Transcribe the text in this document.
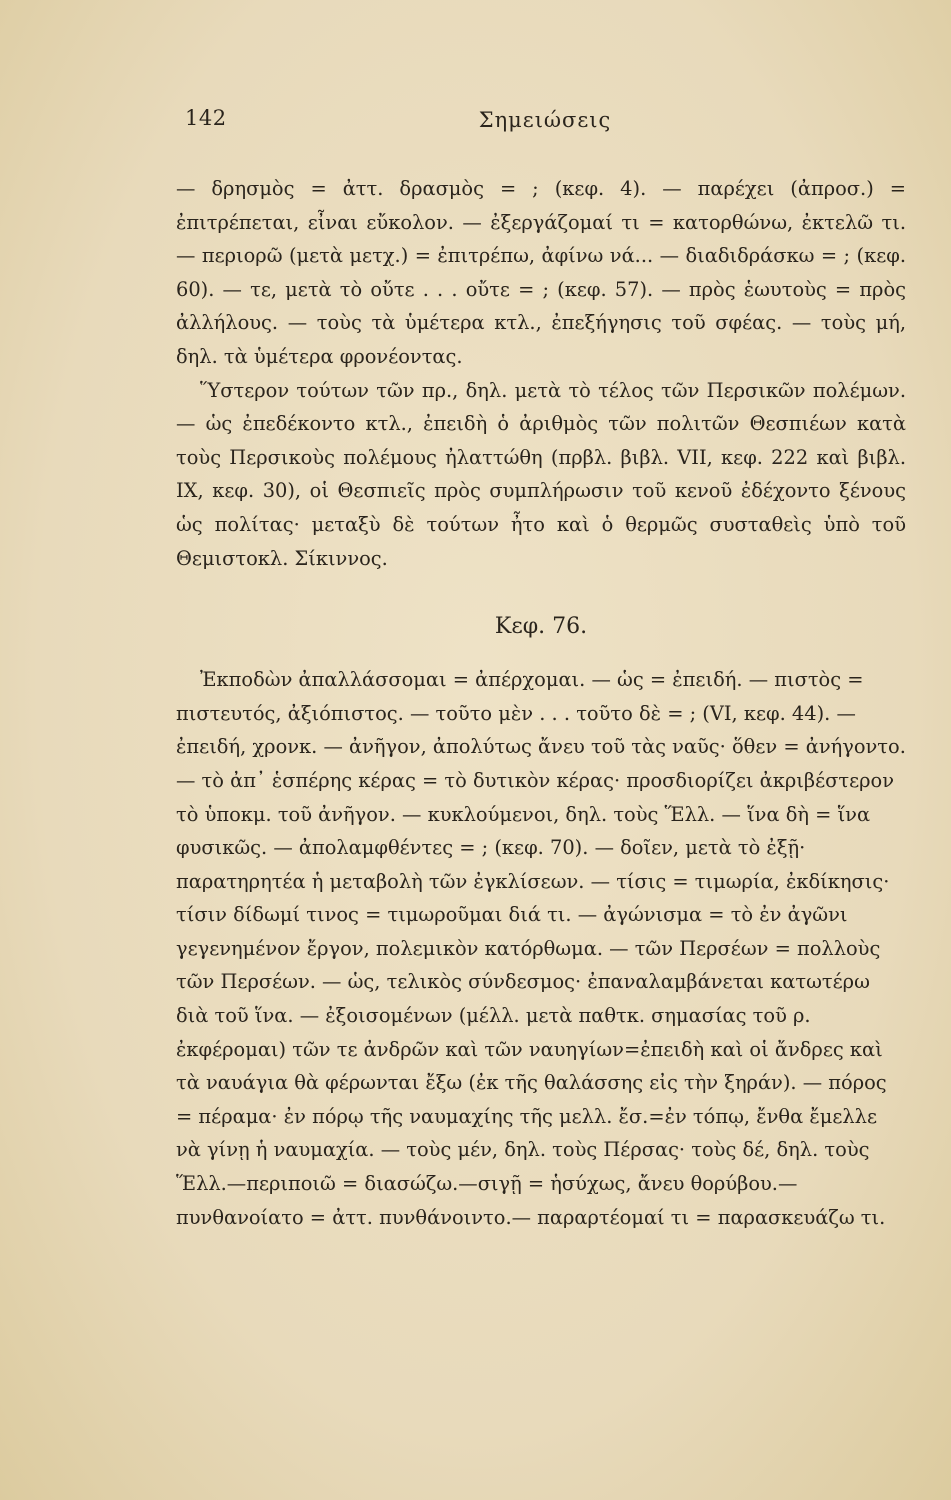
142	Σημειώσεις

— δρησμὸς = ἀττ. δρασμὸς = ; (κεφ. 4). — παρέχει (ἀπροσ.) = ἐπιτρέπεται, εἶναι εὔκολον. — ἐξεργάζομαί τι = κατορθώνω, ἐκτελῶ τι. — περιορῶ (μετὰ μετχ.) = ἐπιτρέπω, ἀφίνω νά... — διαδιδράσκω = ; (κεφ. 60). — τε, μετὰ τὸ οὔτε . . . οὔτε = ; (κεφ. 57). — πρὸς ἑωυτοὺς = πρὸς ἀλλήλους. — τοὺς τὰ ὑμέτερα κτλ., ἐπεξήγησις τοῦ σφέας. — τοὺς μή, δηλ. τὰ ὑμέτερα φρονέοντας.

Ὕστερον τούτων τῶν πρ., δηλ. μετὰ τὸ τέλος τῶν Περσικῶν πολέμων. — ὡς ἐπεδέκοντο κτλ., ἐπειδὴ ὁ ἀριθμὸς τῶν πολιτῶν Θεσπιέων κατὰ τοὺς Περσικοὺς πολέμους ἠλαττώθη (πρβλ. βιβλ. VII, κεφ. 222 καὶ βιβλ. IX, κεφ. 30), οἱ Θεσπιεῖς πρὸς συμπλήρωσιν τοῦ κενοῦ ἐδέχοντο ξένους ὡς πολίτας· μεταξὺ δὲ τούτων ἦτο καὶ ὁ θερμῶς συσταθεὶς ὑπὸ τοῦ Θεμιστοκλ. Σίκιννος.

Κεφ. 76.

Ἐκποδὼν ἀπαλλάσσομαι = ἀπέρχομαι. — ὡς = ἐπειδή. — πιστὸς = πιστευτός, ἀξιόπιστος. — τοῦτο μὲν . . . τοῦτο δὲ = ; (VI, κεφ. 44). — ἐπειδή, χρονκ. — ἀνῆγον, ἀπολύτως ἄνευ τοῦ τὰς ναῦς· ὅθεν = ἀνήγοντο. — τὸ ἀπ᾽ ἑσπέρης κέρας = τὸ δυτικὸν κέρας· προσδιορίζει ἀκριβέστερον τὸ ὑποκμ. τοῦ ἀνῆγον. — κυκλούμενοι, δηλ. τοὺς Ἕλλ. — ἵνα δὴ = ἵνα φυσικῶς. — ἀπολαμφθέντες = ; (κεφ. 70). — δοῖεν, μετὰ τὸ ἐξῇ· παρατηρητέα ἡ μεταβολὴ τῶν ἐγκλίσεων. — τίσις = τιμωρία, ἐκδίκησις· τίσιν δίδωμί τινος = τιμωροῦμαι διά τι. — ἀγώνισμα = τὸ ἐν ἀγῶνι γεγενημένον ἔργον, πολεμικὸν κατόρθωμα. — τῶν Περσέων = πολλοὺς τῶν Περσέων. — ὡς, τελικὸς σύνδεσμος· ἐπαναλαμβάνεται κατωτέρω διὰ τοῦ ἵνα. — ἐξοισομένων (μέλλ. μετὰ παθτκ. σημασίας τοῦ ρ. ἐκφέρομαι) τῶν τε ἀνδρῶν καὶ τῶν ναυηγίων=ἐπειδὴ καὶ οἱ ἄνδρες καὶ τὰ ναυάγια θὰ φέρωνται ἔξω (ἐκ τῆς θαλάσσης εἰς τὴν ξηράν). — πόρος = πέραμα· ἐν πόρῳ τῆς ναυμαχίης τῆς μελλ. ἔσ.=ἐν τόπῳ, ἔνθα ἔμελλε νὰ γίνῃ ἡ ναυμαχία. — τοὺς μέν, δηλ. τοὺς Πέρσας· τοὺς δέ, δηλ. τοὺς Ἕλλ.—περιποιῶ = διασώζω.—σιγῇ = ἡσύχως, ἄνευ θορύβου.— πυνθανοίατο = ἀττ. πυνθάνοιντο.— παραρτέομαί τι = παρασκευάζω τι.
